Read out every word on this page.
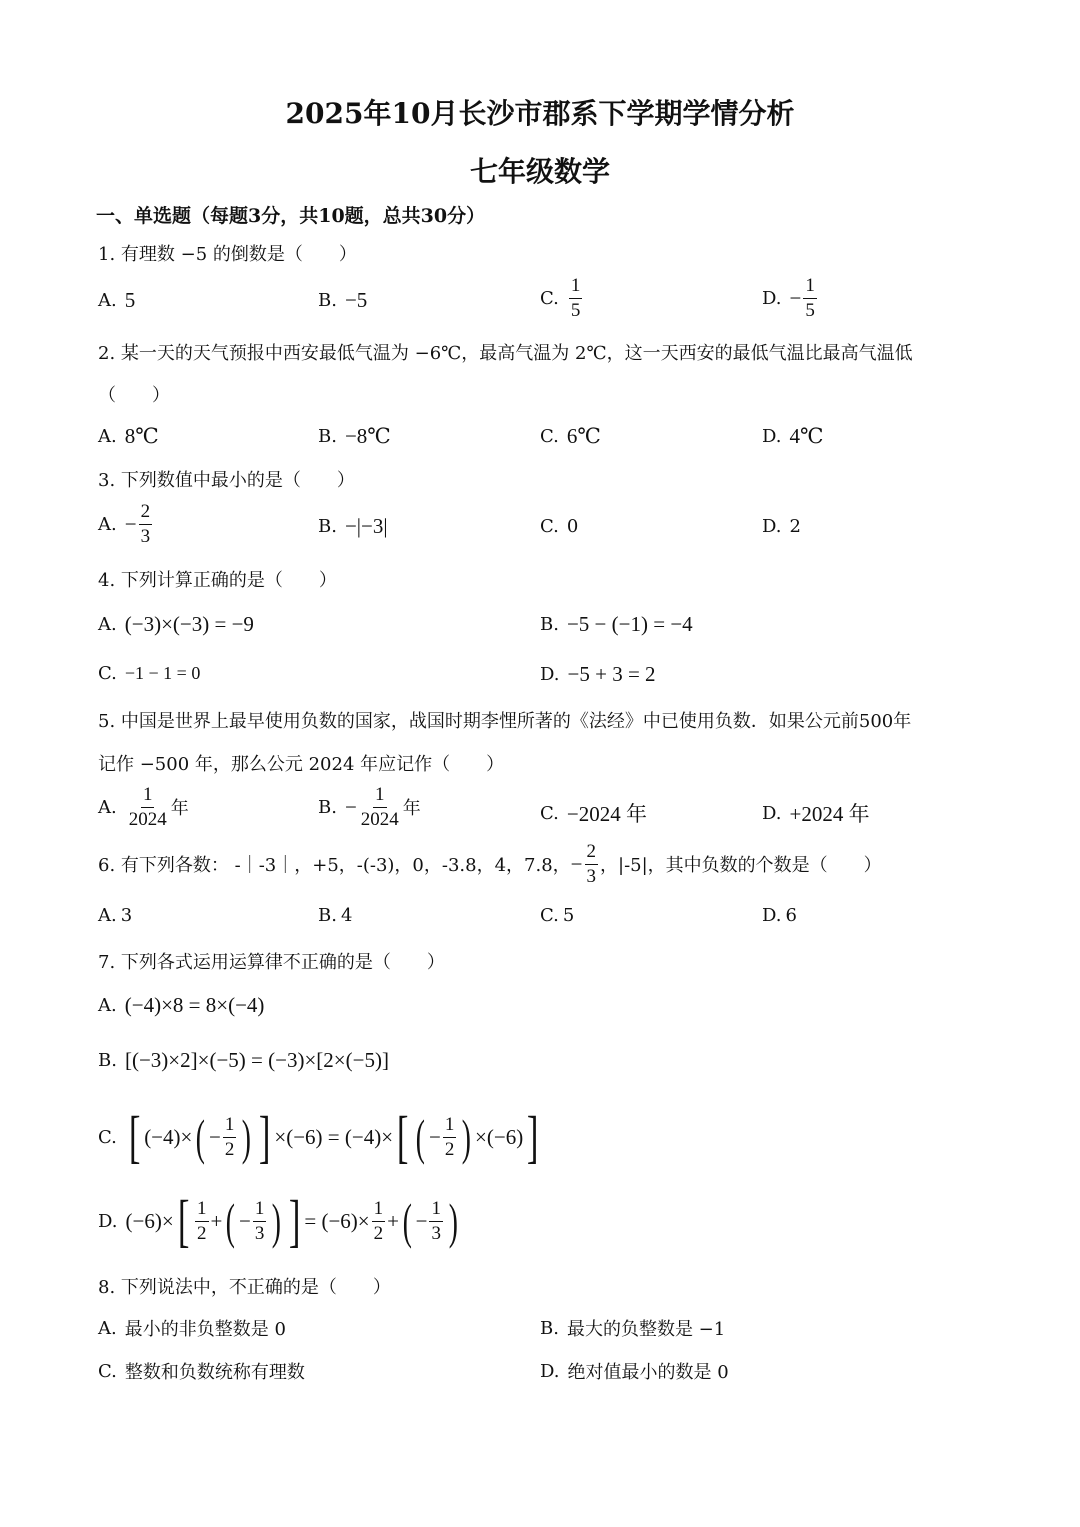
2025年10月长沙市郡系下学期学情分析
七年级数学
一、单选题（每题3分，共10题，总共30分）
1. 有理数 −5 的倒数是（　　）
A. 5	B. −5	C. $\frac{1}{5}$	D. − $\frac{1}{5}$
2. 某一天的天气预报中西安最低气温为 −6℃，最高气温为 2℃，这一天西安的最低气温比最高气温低
（　　）
A. 8℃	B. −8℃	C. 6℃	D. 4℃
3. 下列数值中最小的是（　　）
A. − $\frac{2}{3}$	B. −|−3|	C. 0	D. 2
4. 下列计算正确的是（　　）
A. (−3)×(−3) = −9	B. −5 − (−1) = −4
C. −1 − 1 = 0	D. −5 + 3 = 2
5. 中国是世界上最早使用负数的国家，战国时期李悝所著的《法经》中已使用负数．如果公元前500年
记作 −500 年，那么公元 2024 年应记作（　　）
A. $\frac{1}{2024}$ 年	B. − $\frac{1}{2024}$ 年	C. −2024 年	D. +2024 年
6. 有下列各数： -｜-3｜，+5，-(-3)，0，-3.8，4，7.8， − $\frac{2}{3}$ ，|-5|，其中负数的个数是（　　）
A. 3	B. 4	C. 5	D. 6
7. 下列各式运用运算律不正确的是（　　）
A. (−4)×8 = 8×(−4)
B. [(−3)×2]×(−5) = (−3)×[2×(−5)]
C. [ (−4)× ( − $\frac{1}{2}$ ) ] ×(−6) = (−4)× [ ( − $\frac{1}{2}$ ) ×(−6) ]
D. (−6)× [ $\frac{1}{2}$ + ( − $\frac{1}{3}$ ) ] = $(-6)\times \frac{1}{2}$ + ( − $\frac{1}{3}$ )
8. 下列说法中，不正确的是（　　）
A. 最小的非负整数是 0	B. 最大的负整数是 −1
C. 整数和负数统称有理数	D. 绝对值最小的数是 0
